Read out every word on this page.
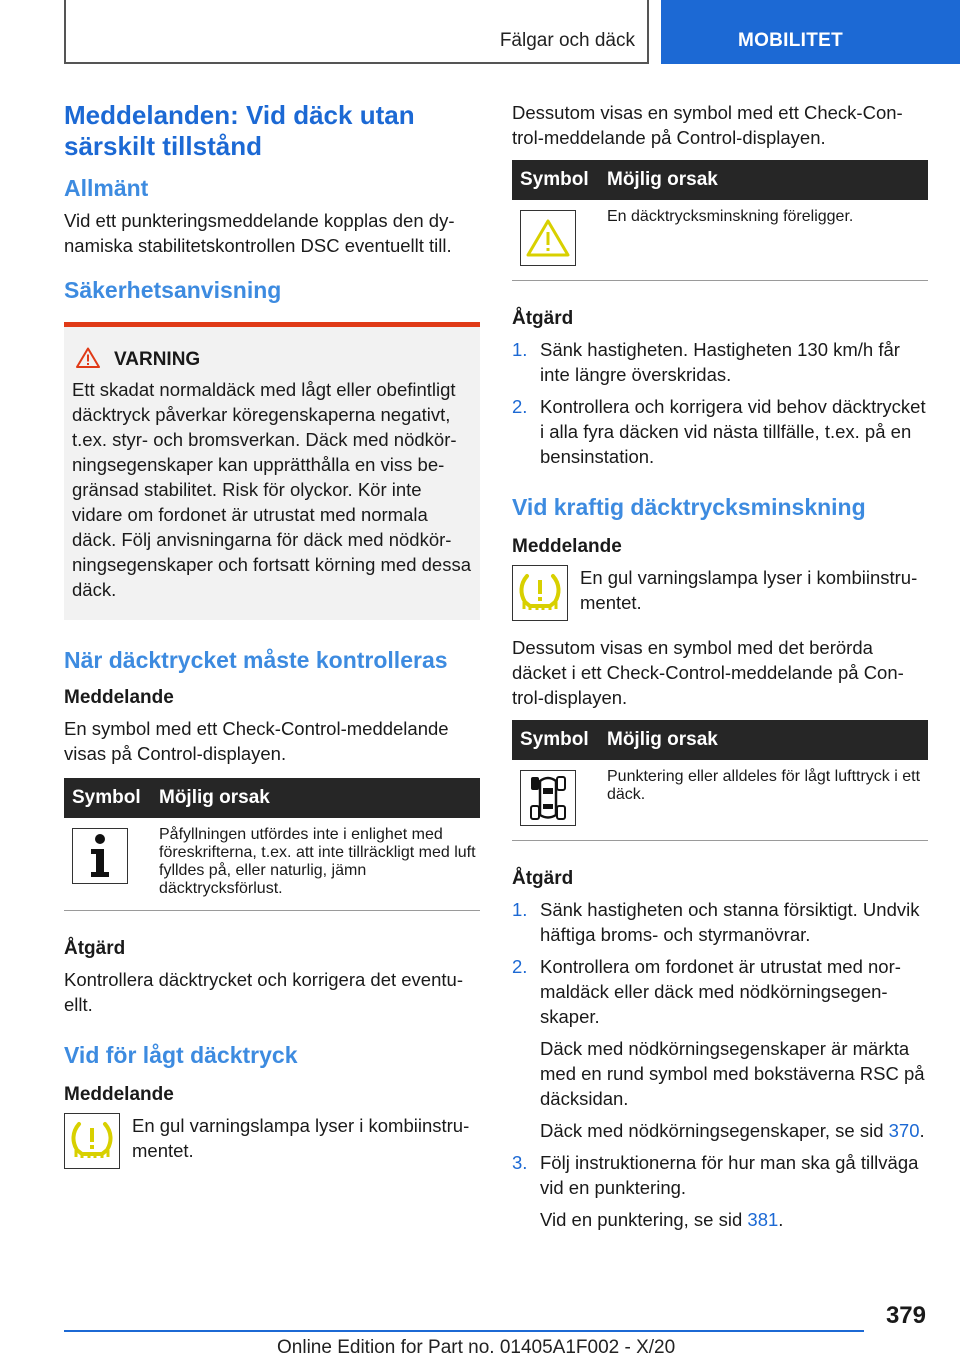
Fälgar och däck	MOBILITET
Meddelanden: Vid däck utan särskilt tillstånd
Allmänt

Vid ett punkteringsmeddelande kopplas den dynamiska stabilitetskontrollen DSC eventuellt till.

Säkerhetsanvisning
VARNING

Ett skadat normaldäck med lågt eller obefintligt däcktryck påverkar köregenskaperna negativt, t.ex. styr- och bromsverkan. Däck med nödkörningsegenskaper kan upprätthålla en viss begränsad stabilitet. Risk för olyckor. Kör inte vidare om fordonet är utrustat med normala däck. Följ anvisningarna för däck med nödkörningsegenskaper och fortsatt körning med dessa däck.

När däcktrycket måste kontrolleras
Meddelande

En symbol med ett Check-Control-meddelande visas på Control-displayen.

Symbol Möjlig orsak
Påfyllningen utfördes inte i enlighet med föreskrifterna, t.ex. att inte tillräckligt med luft fylldes på, eller naturlig, jämn däcktrycksförlust.
Åtgärd

Kontrollera däcktrycket och korrigera det eventuellt.

Vid för lågt däcktryck
Meddelande

En gul varningslampa lyser i kombiinstrumentet.

Dessutom visas en symbol med ett Check-Control-meddelande på Control-displayen.

Symbol Möjlig orsak
En däcktrycksminskning föreligger.
Åtgärd
1. Sänk hastigheten. Hastigheten 130 km/h får inte längre överskridas.
2. Kontrollera och korrigera vid behov däcktrycket i alla fyra däcken vid nästa tillfälle, t.ex. på en bensinstation.
Vid kraftig däcktrycksminskning
Meddelande

En gul varningslampa lyser i kombiinstrumentet.

Dessutom visas en symbol med det berörda däcket i ett Check-Control-meddelande på Control-displayen.

Symbol Möjlig orsak
Punktering eller alldeles för lågt lufttryck i ett däck.
Åtgärd
1. Sänk hastigheten och stanna försiktigt. Undvik häftiga broms- och styrmanövrar.
2. Kontrollera om fordonet är utrustat med normaldäck eller däck med nödkörningsegenskaper.
Däck med nödkörningsegenskaper är märkta med en rund symbol med bokstäverna RSC på däcksidan.
Däck med nödkörningsegenskaper, se sid 370.
3. Följ instruktionerna för hur man ska gå tillväga vid en punktering.
Vid en punktering, se sid 381.
379
Online Edition for Part no. 01405A1F002 - X/20
